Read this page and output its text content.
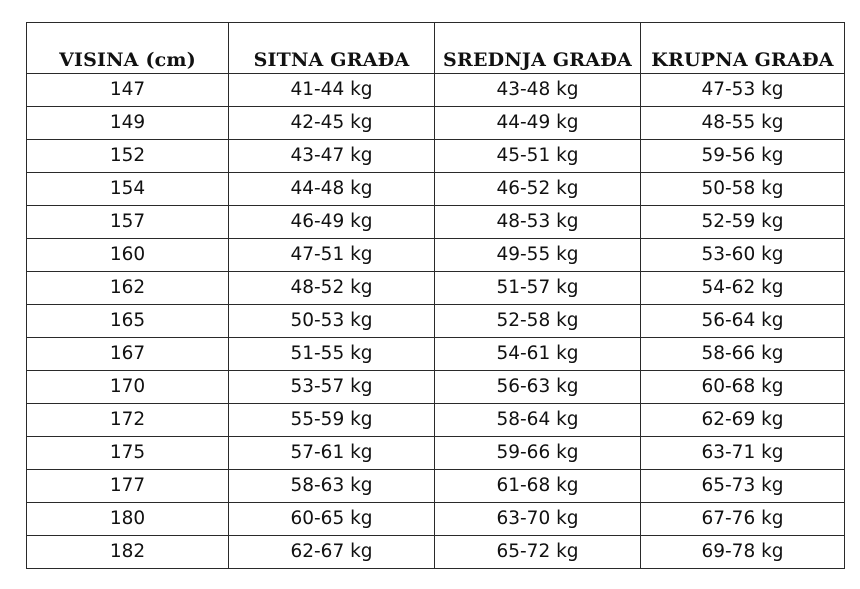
VISINA (cm)	SITNA GRAĐA	SREDNJA GRAĐA	KRUPNA GRAĐA
147	41-44 kg	43-48 kg	47-53 kg
149	42-45 kg	44-49 kg	48-55 kg
152	43-47 kg	45-51 kg	59-56 kg
154	44-48 kg	46-52 kg	50-58 kg
157	46-49 kg	48-53 kg	52-59 kg
160	47-51 kg	49-55 kg	53-60 kg
162	48-52 kg	51-57 kg	54-62 kg
165	50-53 kg	52-58 kg	56-64 kg
167	51-55 kg	54-61 kg	58-66 kg
170	53-57 kg	56-63 kg	60-68 kg
172	55-59 kg	58-64 kg	62-69 kg
175	57-61 kg	59-66 kg	63-71 kg
177	58-63 kg	61-68 kg	65-73 kg
180	60-65 kg	63-70 kg	67-76 kg
182	62-67 kg	65-72 kg	69-78 kg
